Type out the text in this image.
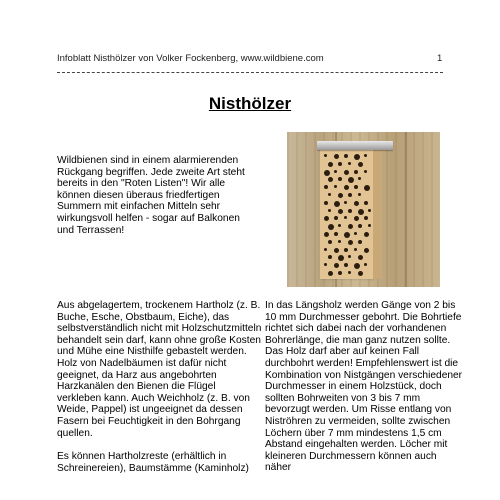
Infoblatt Nisthölzer von Volker Fockenberg, www.wildbiene.com	1
Nisthölzer
Wildbienen sind in einem alarmierenden Rückgang begriffen. Jede zweite Art steht bereits in den "Roten Listen"! Wir alle können diesen überaus friedfertigen Summern mit einfachen Mitteln sehr wirkungsvoll helfen - sogar auf Balkonen und Terrassen!

Aus abgelagertem, trockenem Hartholz (z. B. Buche, Esche, Obstbaum, Eiche), das selbstverständlich nicht mit Holzschutzmitteln behandelt sein darf, kann ohne große Kosten und Mühe eine Nisthilfe gebastelt werden. Holz von Nadelbäumen ist dafür nicht geeignet, da Harz aus angebohrten Harzkanälen den Bienen die Flügel verkleben kann. Auch Weichholz (z. B. von Weide, Pappel) ist ungeeignet da dessen Fasern bei Feuchtigkeit in den Bohrgang quellen.

Es können Hartholzreste (erhältlich in Schreinereien), Baumstämme (Kaminholz)

In das Längsholz werden Gänge von 2 bis 10 mm Durchmesser gebohrt. Die Bohrtiefe richtet sich dabei nach der vorhandenen Bohrerlänge, die man ganz nutzen sollte. Das Holz darf aber auf keinen Fall durchbohrt werden! Empfehlenswert ist die Kombination von Nistgängen verschiedener Durchmesser in einem Holzstück, doch sollten Bohrweiten von 3 bis 7 mm bevorzugt werden. Um Risse entlang von Niströhren zu vermeiden, sollte zwischen Löchern über 7 mm mindestens 1,5 cm Abstand eingehalten werden. Löcher mit kleineren Durchmessern können auch näher
